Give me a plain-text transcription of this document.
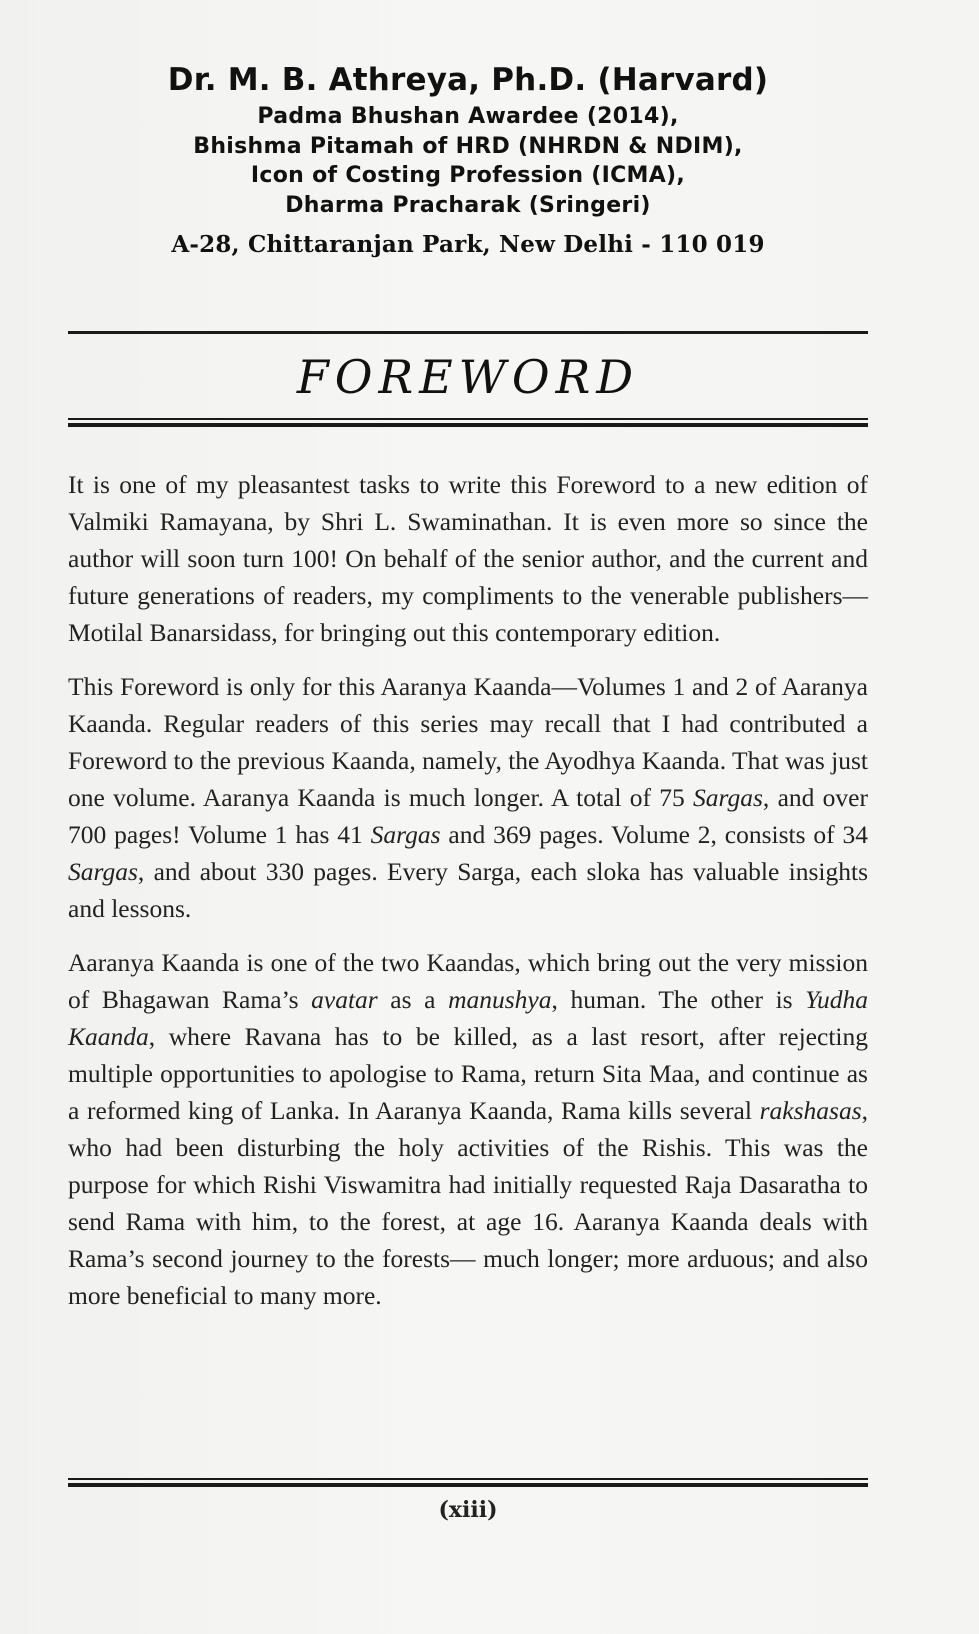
Dr. M. B. Athreya, Ph.D. (Harvard)
Padma Bhushan Awardee (2014),
Bhishma Pitamah of HRD (NHRDN & NDIM),
Icon of Costing Profession (ICMA),
Dharma Pracharak (Sringeri)
A-28, Chittaranjan Park, New Delhi - 110 019
FOREWORD

It is one of my pleasantest tasks to write this Foreword to a new edition of Valmiki Ramayana, by Shri L. Swaminathan. It is even more so since the author will soon turn 100! On behalf of the senior author, and the current and future generations of readers, my compliments to the venerable publishers—Motilal Banarsidass, for bringing out this contemporary edition.

This Foreword is only for this Aaranya Kaanda—Volumes 1 and 2 of Aaranya Kaanda. Regular readers of this series may recall that I had contributed a Foreword to the previous Kaanda, namely, the Ayodhya Kaanda. That was just one volume. Aaranya Kaanda is much longer. A total of 75 Sargas, and over 700 pages! Volume 1 has 41 Sargas and 369 pages. Volume 2, consists of 34 Sargas, and about 330 pages. Every Sarga, each sloka has valuable insights and lessons.

Aaranya Kaanda is one of the two Kaandas, which bring out the very mission of Bhagawan Rama’s avatar as a manushya, human. The other is Yudha Kaanda, where Ravana has to be killed, as a last resort, after rejecting multiple opportunities to apologise to Rama, return Sita Maa, and continue as a reformed king of Lanka. In Aaranya Kaanda, Rama kills several rakshasas, who had been disturbing the holy activities of the Rishis. This was the purpose for which Rishi Viswamitra had initially requested Raja Dasaratha to send Rama with him, to the forest, at age 16. Aaranya Kaanda deals with Rama’s second journey to the forests— much longer; more arduous; and also more beneficial to many more.

(xiii)
